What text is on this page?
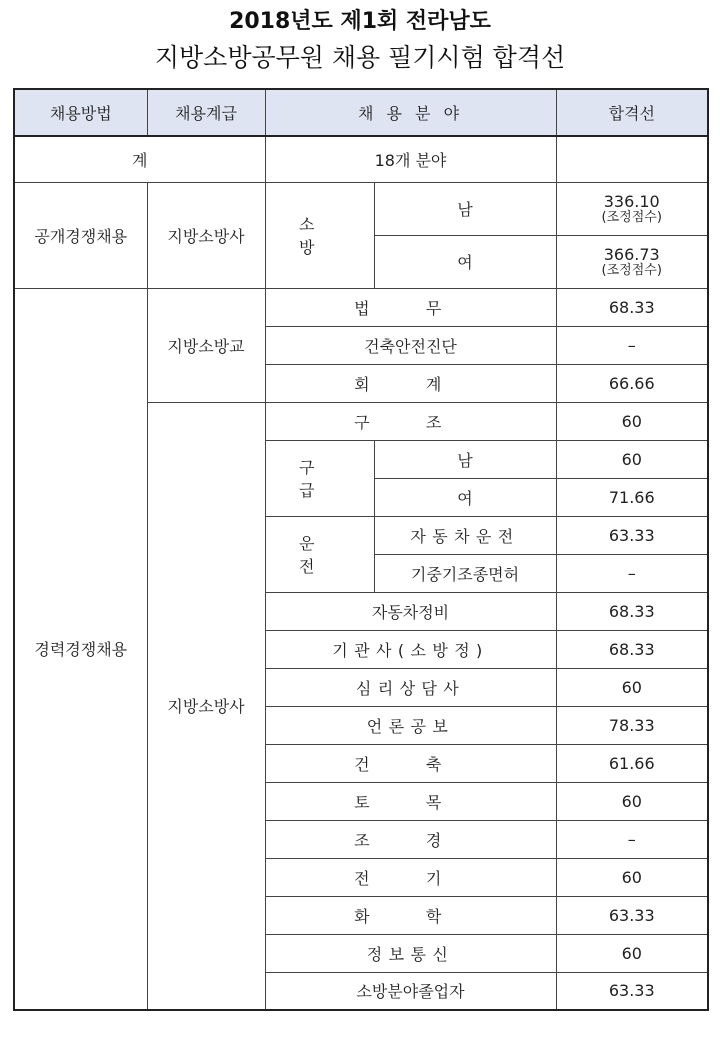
2018년도 제1회 전라남도
지방소방공무원 채용 필기시험 합격선
채용방법	채용계급	채 용 분 야		합격선
계		18개 분야		
공개경쟁채용	지방소방사	소 방	남	336.10
(조정점수)

			여	366.73
(조정점수)

경력경쟁채용	지방소방교	법 무		68.33
		건축안전진단		–
		회 계		66.66
	지방소방사	구 조		60
		구 급	남	60
			여	71.66
		운 전	자동차운전	63.33
			기중기조종면허	–
		자동차정비		68.33
		기관사(소방정)		68.33
		심리상담사		60
		언론공보		78.33
		건 축		61.66
		토 목		60
		조 경		–
		전 기		60
		화 학		63.33
		정보통신		60
		소방분야졸업자		63.33
